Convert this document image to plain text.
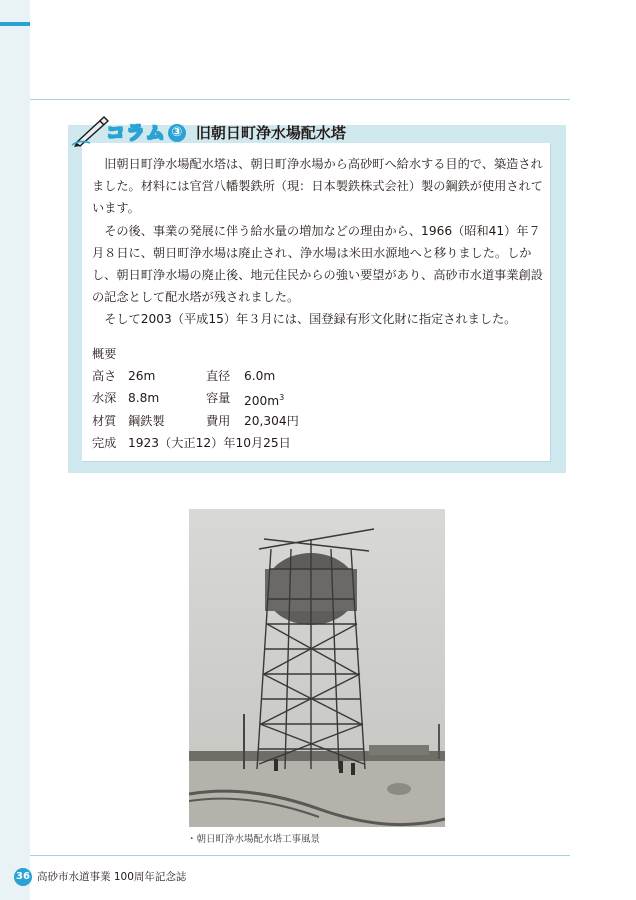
コラム ③ 旧朝日町浄水場配水塔

旧朝日町浄水場配水塔は、朝日町浄水場から高砂町へ給水する目的で、築造されました。材料には官営八幡製鉄所（現：日本製鉄株式会社）製の鋼鉄が使用されています。

その後、事業の発展に伴う給水量の増加などの理由から、1966（昭和41）年７月８日に、朝日町浄水場は廃止され、浄水場は米田水源地へと移りました。しかし、朝日町浄水場の廃止後、地元住民からの強い要望があり、高砂市水道事業創設の記念として配水塔が残されました。

そして2003（平成15）年３月には、国登録有形文化財に指定されました。

概要
高さ 26m	直径	6.0m
水深 8.8m	容量	$200m^3$
材質 鋼鉄製	費用	20,304円
完成 1923（大正12）年10月25日
・朝日町浄水場配水塔工事風景
36 高砂市水道事業 100周年記念誌
